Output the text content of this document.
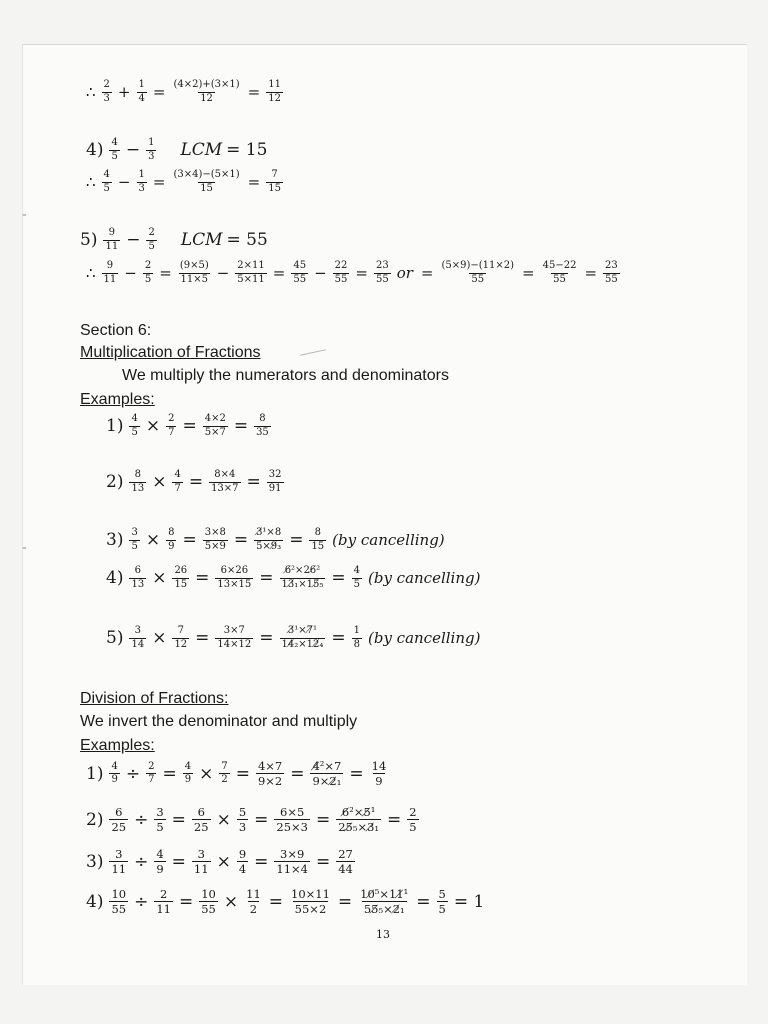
⁼
⁼
∴ $\frac{2}{3} + \frac{1}{4} = \frac{(4\times 2)+(3\times 1)}{12} = \frac{11}{12}$
$4) \frac{4}{5} - \frac{1}{3}$ LCM = 15
∴ $\frac{4}{5} - \frac{1}{3} = \frac{(3\times 4)-(5\times 1)}{15} = \frac{7}{15}$
$5) \frac{9}{11} - \frac{2}{5}$ LCM = 55
∴ $\frac{9}{11} - \frac{2}{5} = \frac{(9\times 5)}{11\times 5} - \frac{2\times 11}{5\times 11} = \frac{45}{55} - \frac{22}{55} = \frac{23}{55}$ or = $\frac{(5\times 9)-(11\times 2)}{55} = \frac{45-22}{55} = \frac{23}{55}$
Section 6:
Multiplication of Fractions
We multiply the numerators and denominators
Examples:
$1) \frac{4}{5} \times \frac{2}{7} = \frac{4\times 2}{5\times 7} = \frac{8}{35}$
$2) \frac{8}{13} \times \frac{4}{7} = \frac{8\times 4}{13\times 7} = \frac{32}{91}$
$3) \frac{3}{5} \times \frac{8}{9} = \frac{3\times 8}{5\times 9} = \frac{\text{3̸¹×8}}{\text{5×9̸₃}} = \frac{8}{15} (by$ cancelling)
$4) \frac{6}{13} \times \frac{26}{15} = \frac{6\times 26}{13\times 15} = \frac{\text{6̸²×26̸²}}{\text{13̸₁×15̸₅}} = \frac{4}{5} (by$ cancelling)
$5) \frac{3}{14} \times \frac{7}{12} = \frac{3\times 7}{14\times 12} = \frac{\text{3̸¹×7̸¹}}{\text{14̸₂×12̸₄}} = \frac{1}{8} (by$ cancelling)
Division of Fractions:
We invert the denominator and multiply
Examples:
$1) \frac{4}{9} \div \frac{2}{7} = \frac{4}{9} \times \frac{7}{2} = \frac{4\times 7}{9\times 2} = \frac{\text{4̸²×7}}{\text{9×2̸₁}} = \frac{14}{9}$
$2) \frac{6}{25} \div \frac{3}{5} = \frac{6}{25} \times \frac{5}{3} = \frac{6\times 5}{25\times 3} = \frac{\text{6̸²×5̸¹}}{\text{25̸₅×3̸₁}} = \frac{2}{5}$
$3) \frac{3}{11} \div \frac{4}{9} = \frac{3}{11} \times \frac{9}{4} = \frac{3\times 9}{11\times 4} = \frac{27}{44}$
$4) \frac{10}{55} \div \frac{2}{11} = \frac{10}{55} \times \frac{11}{2} = \frac{10\times 11}{55\times 2} = \frac{\text{10̸⁵×11̸¹}}{\text{55̸₅×2̸₁}} = \frac{5}{5} = 1$
13
